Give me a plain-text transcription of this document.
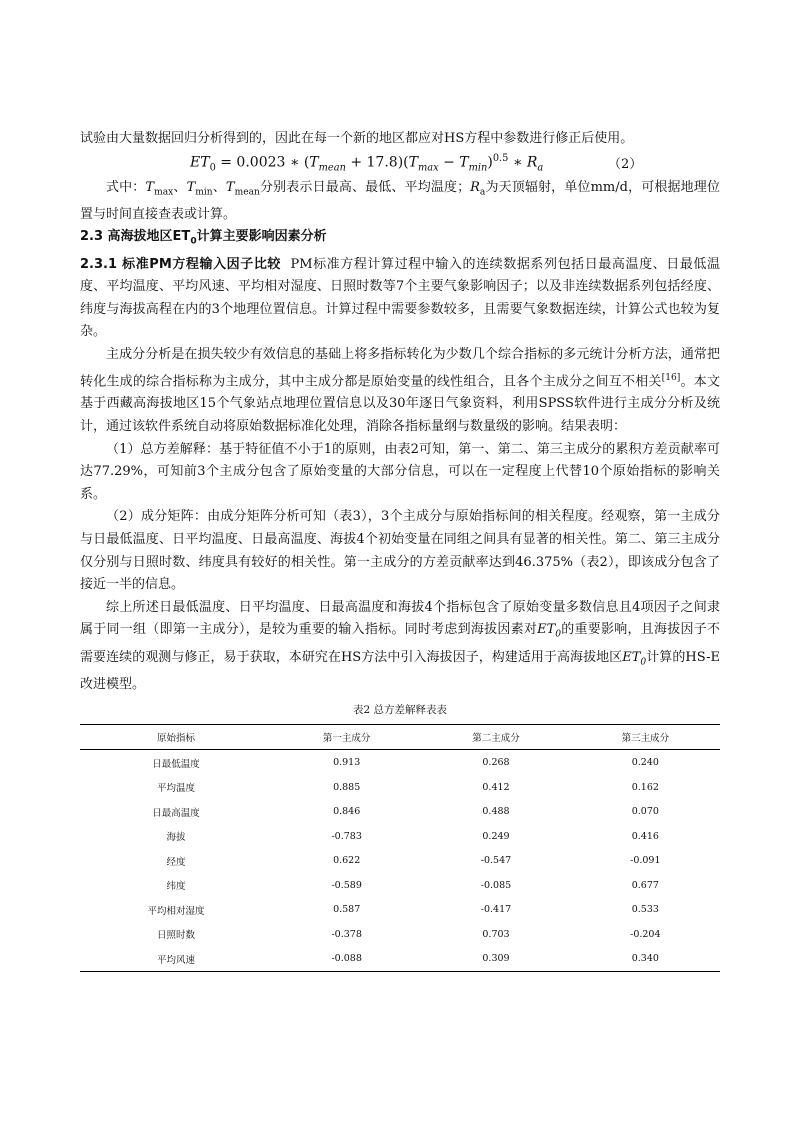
试验由大量数据回归分析得到的，因此在每一个新的地区都应对HS方程中参数进行修正后使用。

$ET_0 = 0.0023$ ∗ $(T_{mean} + 17.8)(T_{max} - T_{min})^{0.5}$ ∗ $R_a$	（2）

式中：$T_{max}$、$T_{min}$、$T_{mean}$分别表示日最高、最低、平均温度；$R_a$为天顶辐射，单位mm/d，可根据地理位置与时间直接查表或计算。

2.3 高海拔地区$ET_0$计算主要影响因素分析

2.3.1 标准PM方程输入因子比较 PM标准方程计算过程中输入的连续数据系列包括日最高温度、日最低温度、平均温度、平均风速、平均相对湿度、日照时数等7个主要气象影响因子；以及非连续数据系列包括经度、纬度与海拔高程在内的3个地理位置信息。计算过程中需要参数较多，且需要气象数据连续，计算公式也较为复杂。

主成分分析是在损失较少有效信息的基础上将多指标转化为少数几个综合指标的多元统计分析方法，通常把转化生成的综合指标称为主成分，其中主成分都是原始变量的线性组合，且各个主成分之间互不相关[16]。本文基于西藏高海拔地区15个气象站点地理位置信息以及30年逐日气象资料，利用SPSS软件进行主成分分析及统计，通过该软件系统自动将原始数据标准化处理，消除各指标量纲与数量级的影响。结果表明：

（1）总方差解释：基于特征值不小于1的原则，由表2可知，第一、第二、第三主成分的累积方差贡献率可达77.29%，可知前3个主成分包含了原始变量的大部分信息，可以在一定程度上代替10个原始指标的影响关系。

（2）成分矩阵：由成分矩阵分析可知（表3），3个主成分与原始指标间的相关程度。经观察，第一主成分与日最低温度、日平均温度、日最高温度、海拔4个初始变量在同组之间具有显著的相关性。第二、第三主成分仅分别与日照时数、纬度具有较好的相关性。第一主成分的方差贡献率达到46.375%（表2），即该成分包含了接近一半的信息。

综上所述日最低温度、日平均温度、日最高温度和海拔4个指标包含了原始变量多数信息且4项因子之间隶属于同一组（即第一主成分），是较为重要的输入指标。同时考虑到海拔因素对$ET_0$的重要影响，且海拔因子不需要连续的观测与修正，易于获取，本研究在HS方法中引入海拔因子，构建适用于高海拔地区$ET_0$计算的HS-E改进模型。

表2 总方差解释表表
原始指标	第一主成分	第二主成分	第三主成分
日最低温度	0.913	0.268	0.240
平均温度	0.885	0.412	0.162
日最高温度	0.846	0.488	0.070
海拔	-0.783	0.249	0.416
经度	0.622	-0.547	-0.091
纬度	-0.589	-0.085	0.677
平均相对湿度	0.587	-0.417	0.533
日照时数	-0.378	0.703	-0.204
平均风速	-0.088	0.309	0.340
